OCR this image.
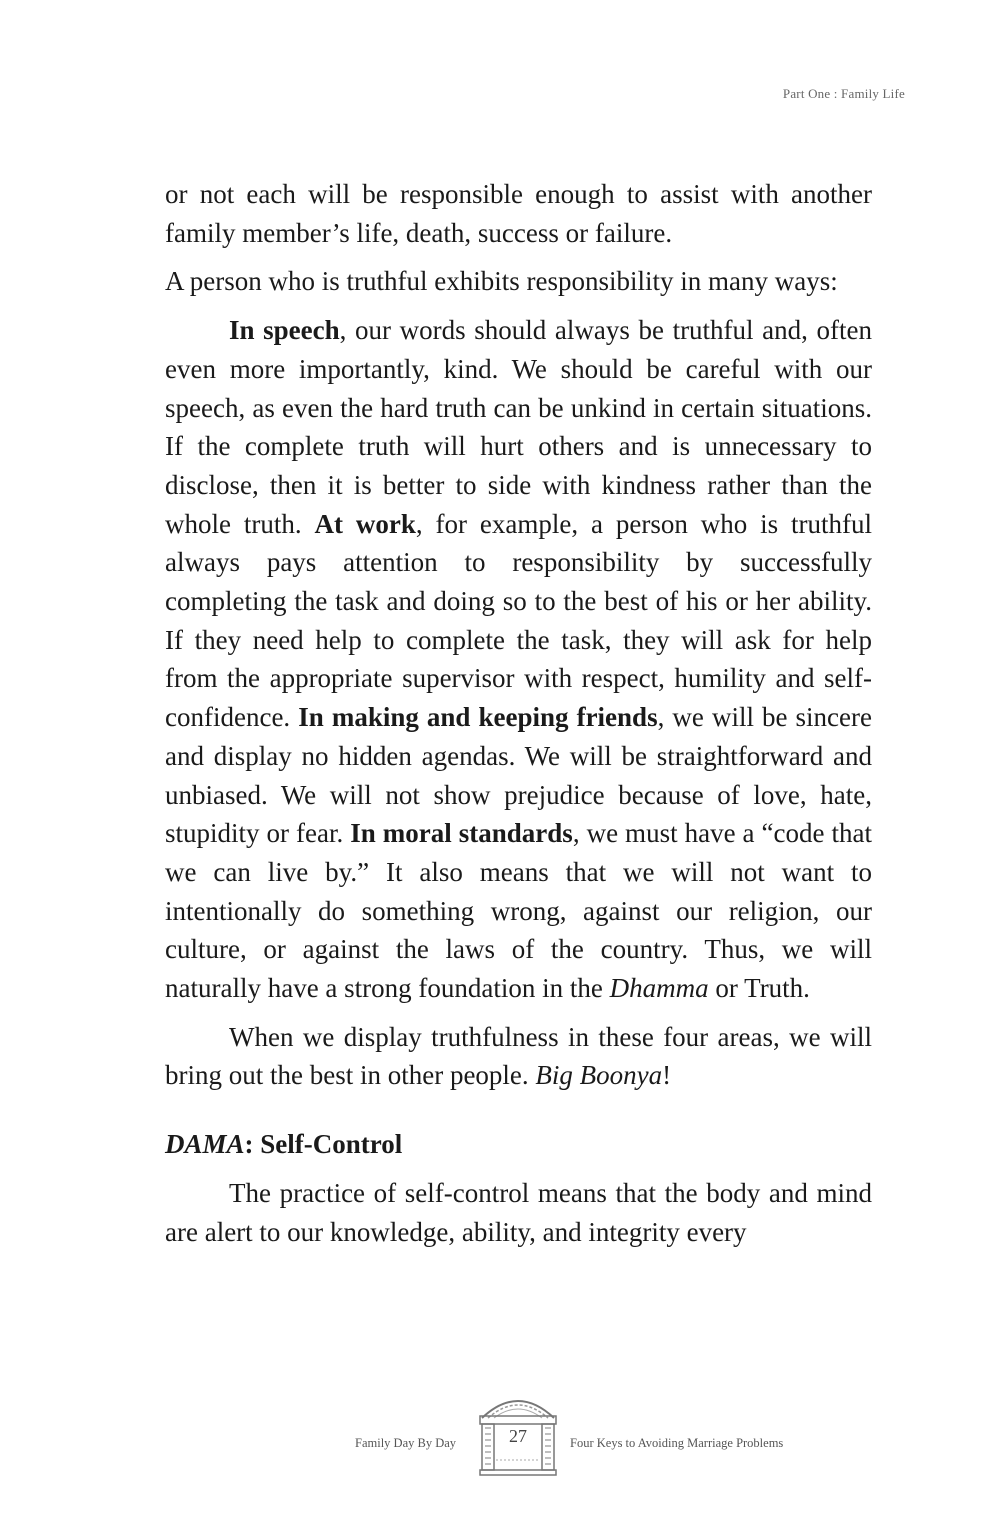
Part One : Family Life

or not each will be responsible enough to assist with another family member’s life, death, success or failure.

A person who is truthful exhibits responsibility in many ways:

In speech, our words should always be truthful and, often even more importantly, kind. We should be careful with our speech, as even the hard truth can be unkind in certain situations. If the complete truth will hurt others and is unnecessary to disclose, then it is better to side with kindness rather than the whole truth. At work, for example, a person who is truthful always pays attention to responsibility by successfully completing the task and doing so to the best of his or her ability. If they need help to complete the task, they will ask for help from the appropriate supervisor with respect, humility and self-confidence. In making and keeping friends, we will be sincere and display no hidden agendas. We will be straightforward and unbiased. We will not show prejudice because of love, hate, stupidity or fear. In moral standards, we must have a “code that we can live by.” It also means that we will not want to intentionally do something wrong, against our religion, our culture, or against the laws of the country. Thus, we will naturally have a strong foundation in the Dhamma or Truth.

When we display truthfulness in these four areas, we will bring out the best in other people. Big Boonya!

DAMA: Self-Control

The practice of self-control means that the body and mind are alert to our knowledge, ability, and integrity every

Family Day By Day	27	Four Keys to Avoiding Marriage Problems
